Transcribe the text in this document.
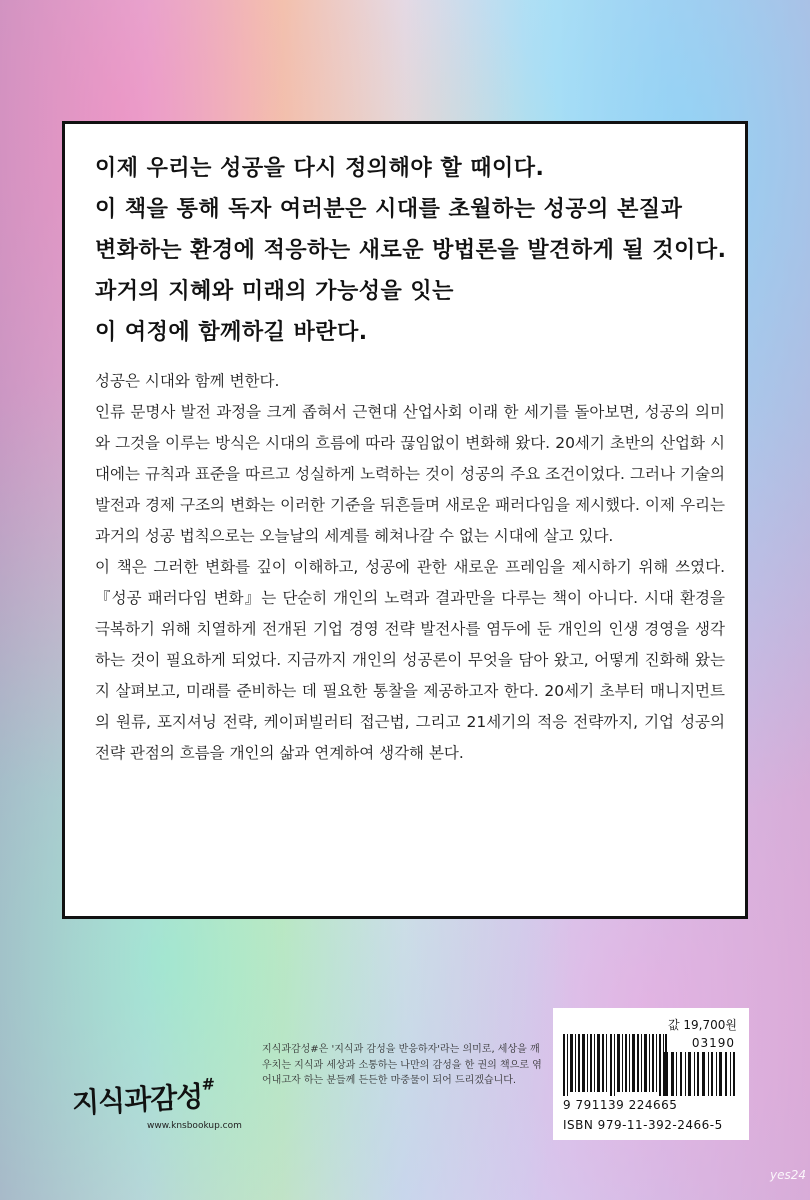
이제 우리는 성공을 다시 정의해야 할 때이다.
이 책을 통해 독자 여러분은 시대를 초월하는 성공의 본질과
변화하는 환경에 적응하는 새로운 방법론을 발견하게 될 것이다.
과거의 지혜와 미래의 가능성을 잇는
이 여정에 함께하길 바란다.

성공은 시대와 함께 변한다.

인류 문명사 발전 과정을 크게 좁혀서 근현대 산업사회 이래 한 세기를 돌아보면, 성공의 의미와 그것을 이루는 방식은 시대의 흐름에 따라 끊임없이 변화해 왔다. 20세기 초반의 산업화 시대에는 규칙과 표준을 따르고 성실하게 노력하는 것이 성공의 주요 조건이었다. 그러나 기술의 발전과 경제 구조의 변화는 이러한 기준을 뒤흔들며 새로운 패러다임을 제시했다. 이제 우리는 과거의 성공 법칙으로는 오늘날의 세계를 헤쳐나갈 수 없는 시대에 살고 있다.

이 책은 그러한 변화를 깊이 이해하고, 성공에 관한 새로운 프레임을 제시하기 위해 쓰였다. 『성공 패러다임 변화』는 단순히 개인의 노력과 결과만을 다루는 책이 아니다. 시대 환경을 극복하기 위해 치열하게 전개된 기업 경영 전략 발전사를 염두에 둔 개인의 인생 경영을 생각하는 것이 필요하게 되었다. 지금까지 개인의 성공론이 무엇을 담아 왔고, 어떻게 진화해 왔는지 살펴보고, 미래를 준비하는 데 필요한 통찰을 제공하고자 한다. 20세기 초부터 매니지먼트의 원류, 포지셔닝 전략, 케이퍼빌러티 접근법, 그리고 21세기의 적응 전략까지, 기업 성공의 전략 관점의 흐름을 개인의 삶과 연계하여 생각해 본다.

지식과감성#
www.knsbookup.com
지식과감성#은 '지식과 감성을 반응하자'라는 의미로, 세상을 깨우치는 지식과 세상과 소통하는 나만의 감성을 한 권의 책으로 엮어내고자 하는 분들께 든든한 마중물이 되어 드리겠습니다.
값 19,700원
03190
9 791139 224665
ISBN 979-11-392-2466-5
yes24
